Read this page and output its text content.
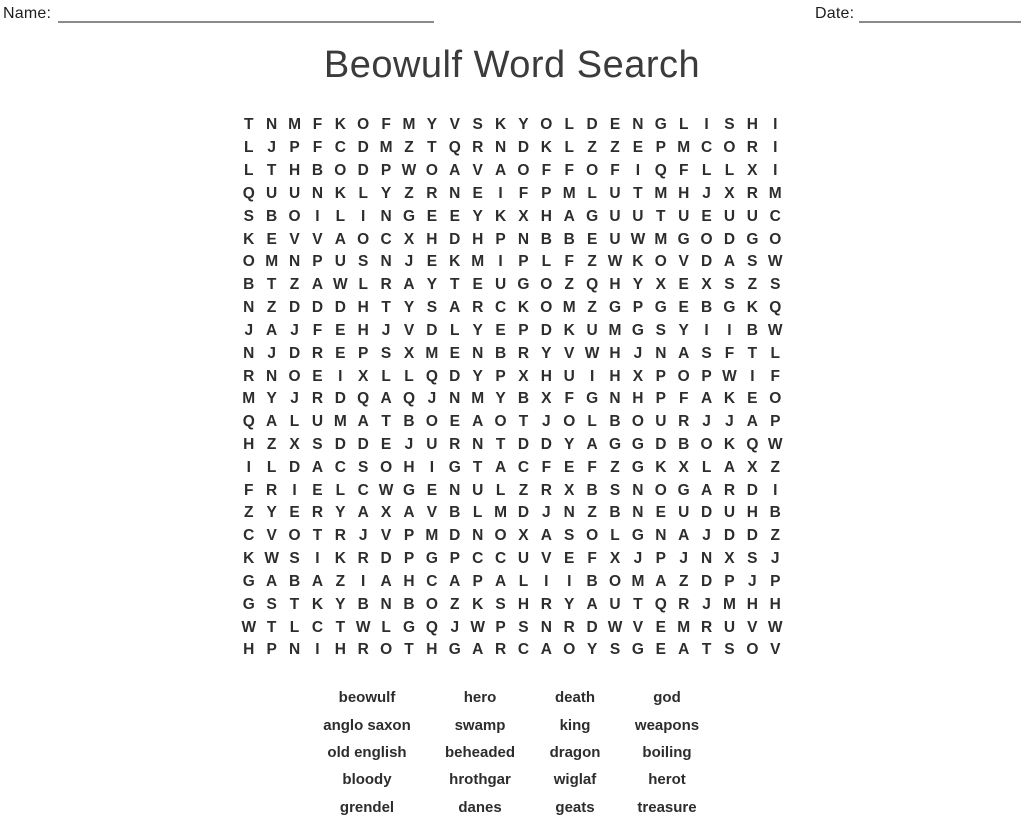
Name:	Date:
Beowulf Word Search
T N M F K O F M Y V S K Y O L D E N G L	I	S H I
L J P F C D M Z T Q R N D K L Z Z E P M C O R I
L T H B O D P W O A V A O F F O F	I Q F L L X	I
Q U U N K L Y Z R N E	I	F P M L U T M H J X R M
S B O I	L	I N G E E Y K X H A G U U T U E U U C
K E V V A O C X H D H P N B B E U W M G O D G O
O M N P U S N J E K M I	P L F Z W K O V D A S W
B T Z A W L R A Y T E U G O Z Q H Y X E X S Z S
N Z D D D H T Y S A R C K O M Z G P G E B G K Q
J A J F E H J V D L Y E P D K U M G S Y	I	I B W
N J D R E P S X M E N B R Y V W H J N A S F T L
R N O E	I	X L L Q D Y P X H U I H X P O P W I	F
M Y J R D Q A Q J N M Y B X F G N H P F A K E O
Q A L U M A T B O E A O T J O L B O U R J J A P
H Z X S D D E J U R N T D D Y A G G D B O K Q W
I	L D A C S O H I G T A C F E F Z G K X L A X Z
F R I	E L C W G E N U L Z R X B S N O G A R D I
Z Y E R Y A X A V B L M D J N Z B N E U D U H B
C V O T R J V P M D N O X A S O L G N A J D D Z
K W S	I K R D P G P C C U V E F X J P J N X S J
G A B A Z	I A H C A P A L	I	I B O M A Z D P J P
G S T K Y B N B O Z K S H R Y A U T Q R J M H H
W T L C T W L G Q J W P S N R D W V E M R U V W
H P N I H R O T H G A R C A O Y S G E A T S O V
beowulf	hero	death	god
anglo saxon	swamp	king	weapons
old english	beheaded	dragon	boiling
bloody	hrothgar	wiglaf	herot
grendel	danes	geats	treasure
